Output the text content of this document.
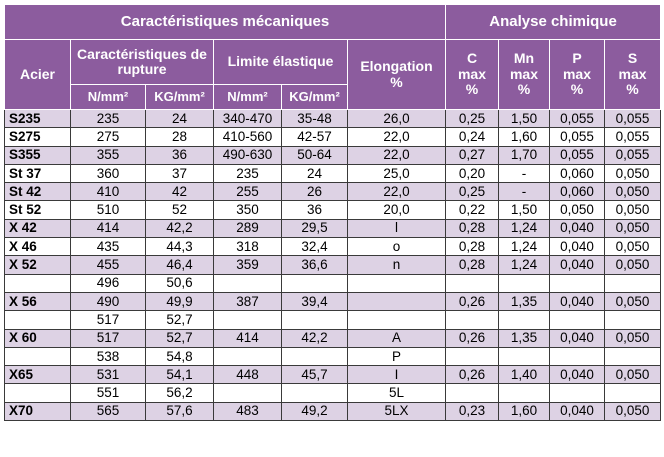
Caractéristiques mécaniques						Analyse chimique			
Acier	Caractéristiques de rupture		Limite élastique		Elongation %	C max %	Mn max %	P max %	S max %
	N/mm²	KG/mm²	N/mm²	KG/mm²					
S235	235	24	340-470	35-48	26,0	0,25	1,50	0,055	0,055
S275	275	28	410-560	42-57	22,0	0,24	1,60	0,055	0,055
S355	355	36	490-630	50-64	22,0	0,27	1,70	0,055	0,055
St 37	360	37	235	24	25,0	0,20	-	0,060	0,050
St 42	410	42	255	26	22,0	0,25	-	0,060	0,050
St 52	510	52	350	36	20,0	0,22	1,50	0,050	0,050
X 42	414	42,2	289	29,5	l	0,28	1,24	0,040	0,050
X 46	435	44,3	318	32,4	o	0,28	1,24	0,040	0,050
X 52	455	46,4	359	36,6	n	0,28	1,24	0,040	0,050
	496	50,6							
X 56	490	49,9	387	39,4		0,26	1,35	0,040	0,050
	517	52,7							
X 60	517	52,7	414	42,2	A	0,26	1,35	0,040	0,050
	538	54,8			P				
X65	531	54,1	448	45,7	I	0,26	1,40	0,040	0,050
	551	56,2			5L				
X70	565	57,6	483	49,2	5LX	0,23	1,60	0,040	0,050
